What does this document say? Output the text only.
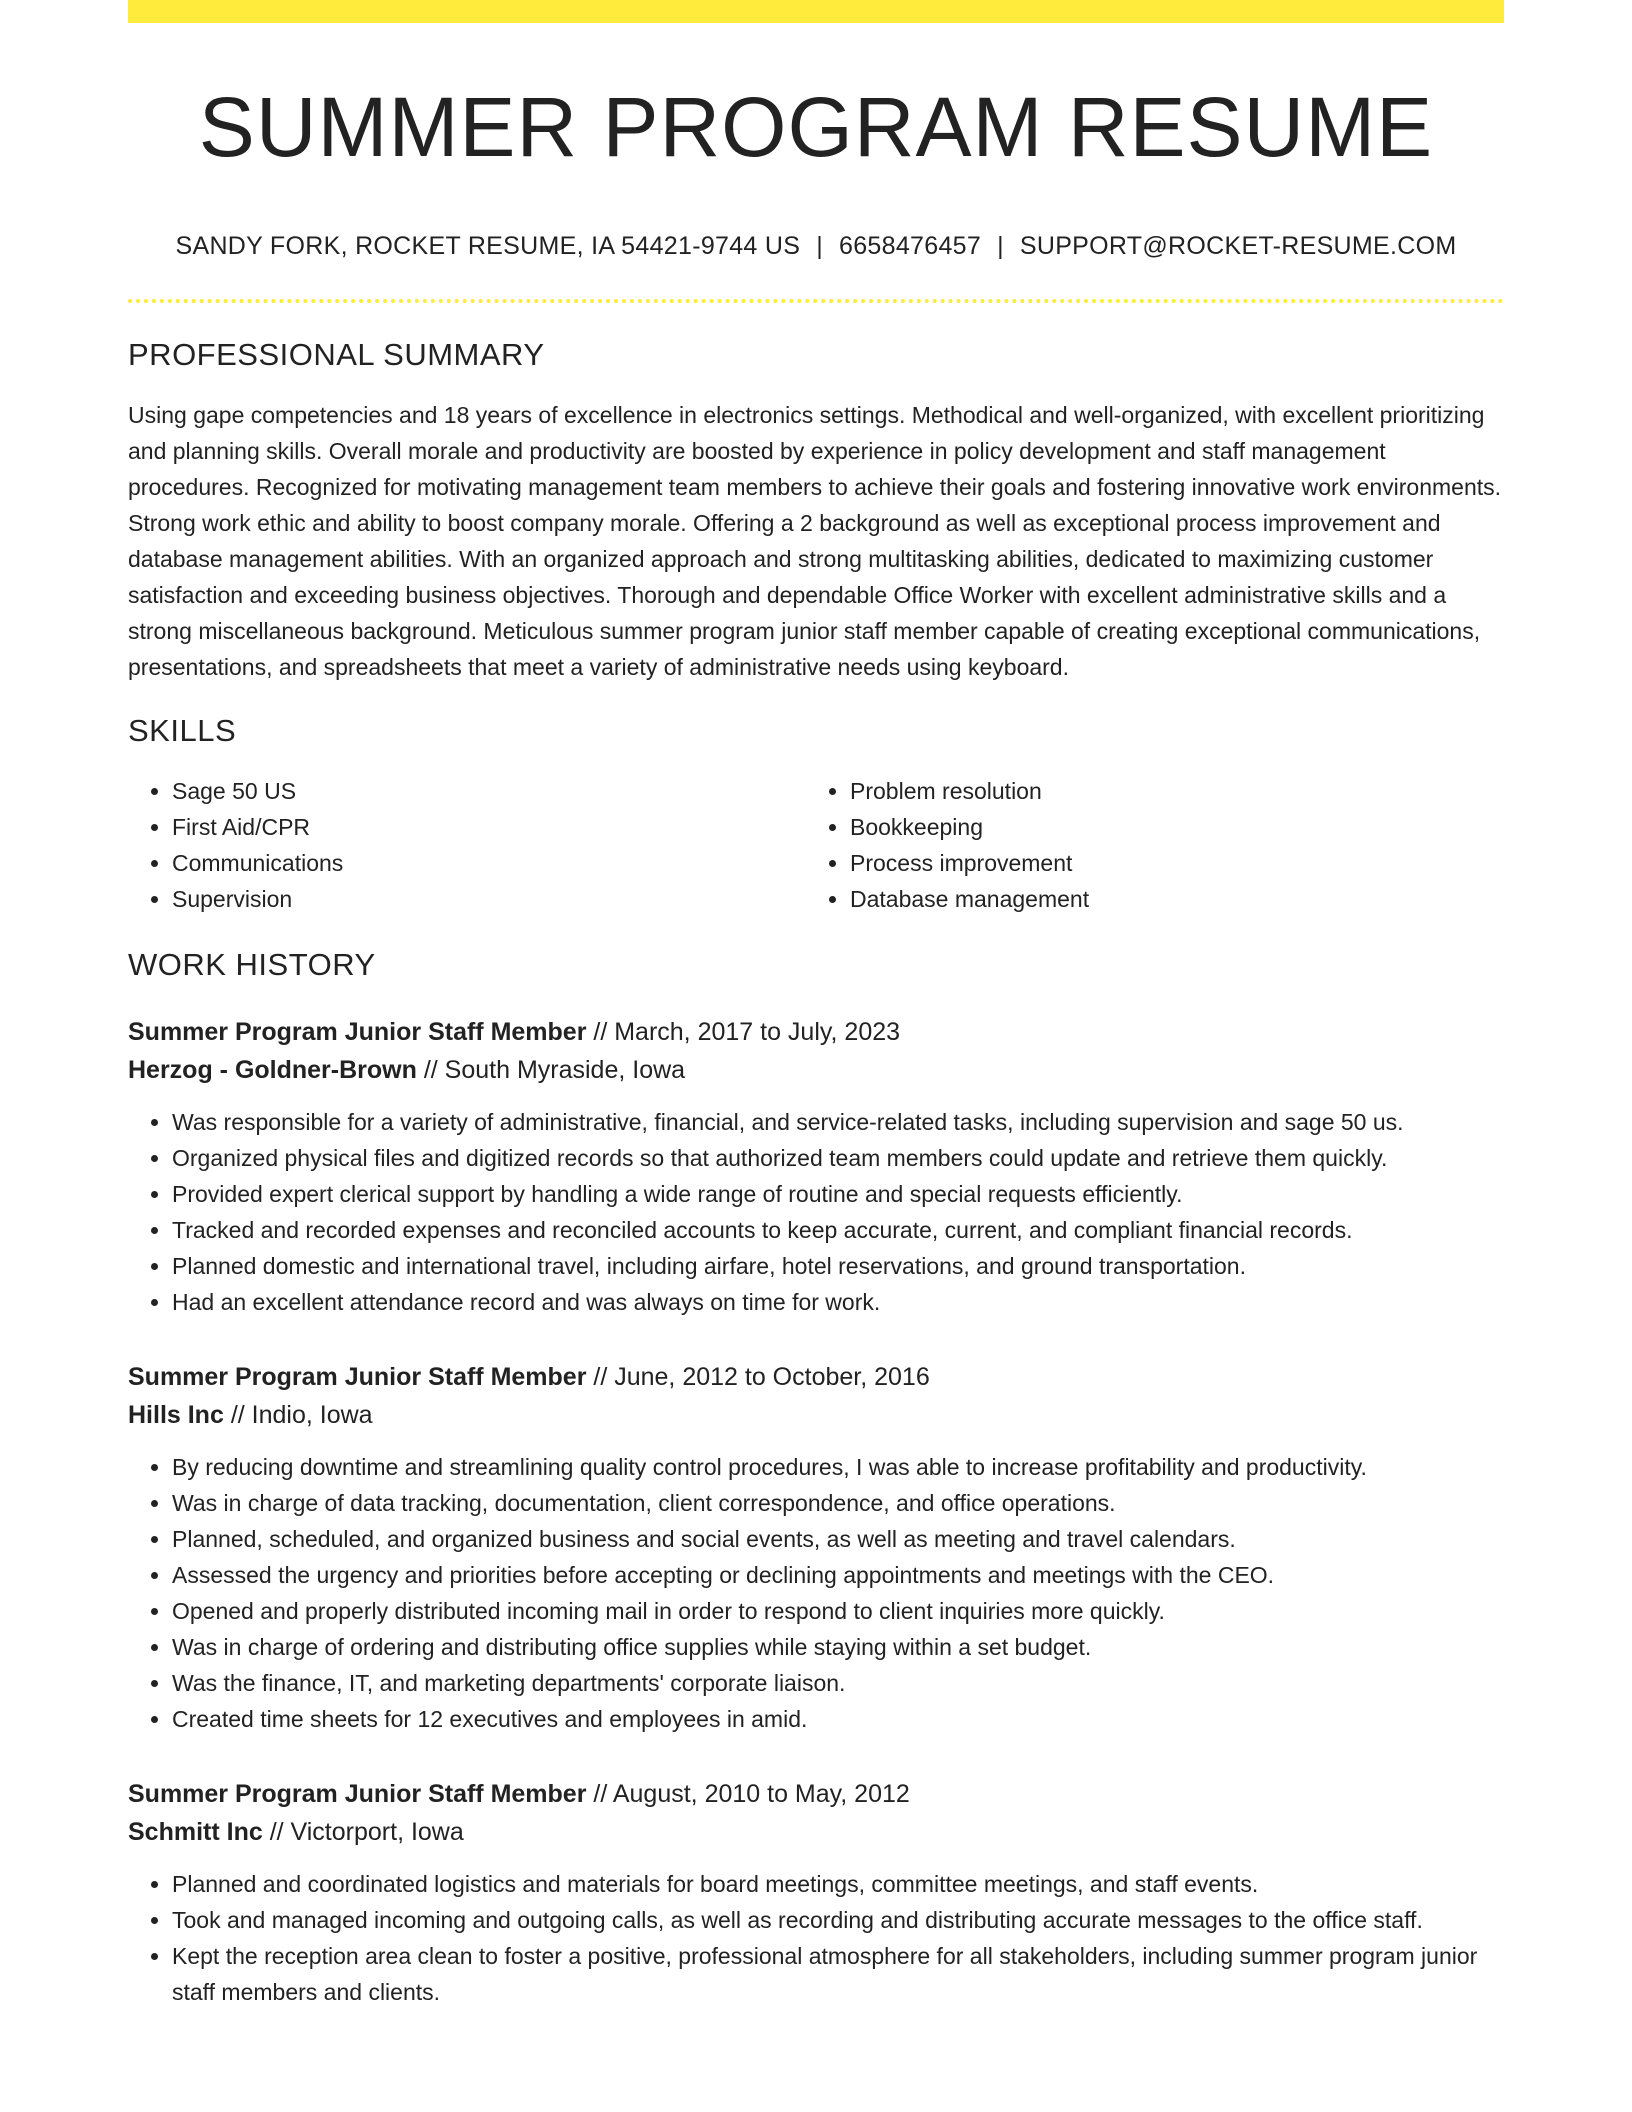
SUMMER PROGRAM RESUME
SANDY FORK, ROCKET RESUME, IA 54421-9744 US | 6658476457 | SUPPORT@ROCKET-RESUME.COM
PROFESSIONAL SUMMARY
Using gape competencies and 18 years of excellence in electronics settings. Methodical and well-organized, with excellent prioritizing and planning skills. Overall morale and productivity are boosted by experience in policy development and staff management procedures. Recognized for motivating management team members to achieve their goals and fostering innovative work environments. Strong work ethic and ability to boost company morale. Offering a 2 background as well as exceptional process improvement and database management abilities. With an organized approach and strong multitasking abilities, dedicated to maximizing customer satisfaction and exceeding business objectives. Thorough and dependable Office Worker with excellent administrative skills and a strong miscellaneous background. Meticulous summer program junior staff member capable of creating exceptional communications, presentations, and spreadsheets that meet a variety of administrative needs using keyboard.
SKILLS
• Sage 50 US
• First Aid/CPR
• Communications
• Supervision
• Problem resolution
• Bookkeeping
• Process improvement
• Database management
WORK HISTORY
Summer Program Junior Staff Member // March, 2017 to July, 2023
Herzog - Goldner-Brown // South Myraside, Iowa
• Was responsible for a variety of administrative, financial, and service-related tasks, including supervision and sage 50 us.
• Organized physical files and digitized records so that authorized team members could update and retrieve them quickly.
• Provided expert clerical support by handling a wide range of routine and special requests efficiently.
• Tracked and recorded expenses and reconciled accounts to keep accurate, current, and compliant financial records.
• Planned domestic and international travel, including airfare, hotel reservations, and ground transportation.
• Had an excellent attendance record and was always on time for work.
Summer Program Junior Staff Member // June, 2012 to October, 2016
Hills Inc // Indio, Iowa
• By reducing downtime and streamlining quality control procedures, I was able to increase profitability and productivity.
• Was in charge of data tracking, documentation, client correspondence, and office operations.
• Planned, scheduled, and organized business and social events, as well as meeting and travel calendars.
• Assessed the urgency and priorities before accepting or declining appointments and meetings with the CEO.
• Opened and properly distributed incoming mail in order to respond to client inquiries more quickly.
• Was in charge of ordering and distributing office supplies while staying within a set budget.
• Was the finance, IT, and marketing departments' corporate liaison.
• Created time sheets for 12 executives and employees in amid.
Summer Program Junior Staff Member // August, 2010 to May, 2012
Schmitt Inc // Victorport, Iowa
• Planned and coordinated logistics and materials for board meetings, committee meetings, and staff events.
• Took and managed incoming and outgoing calls, as well as recording and distributing accurate messages to the office staff.
• Kept the reception area clean to foster a positive, professional atmosphere for all stakeholders, including summer program junior staff members and clients.
